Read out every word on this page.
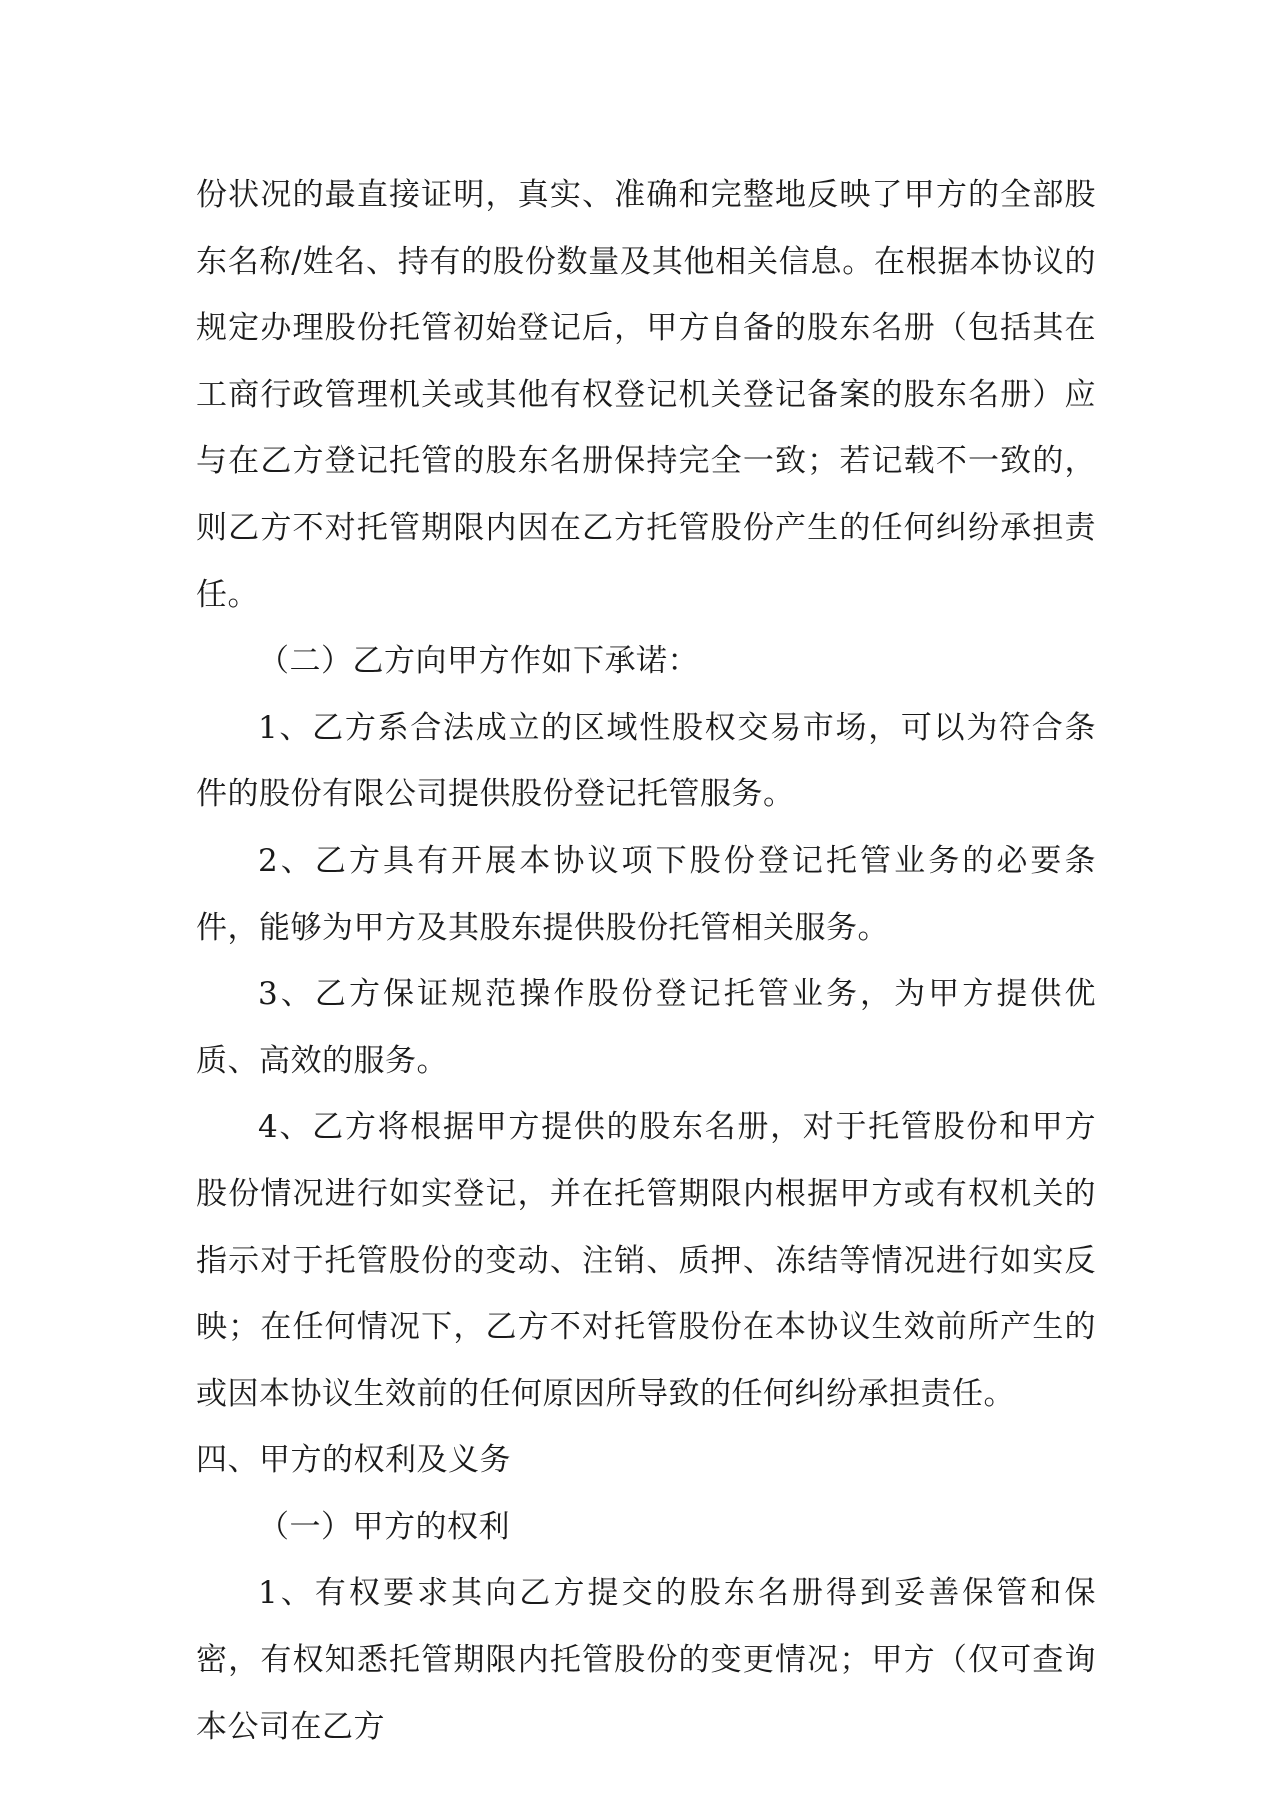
份状况的最直接证明，真实、准确和完整地反映了甲方的全部股东名称/姓名、持有的股份数量及其他相关信息。在根据本协议的规定办理股份托管初始登记后，甲方自备的股东名册（包括其在工商行政管理机关或其他有权登记机关登记备案的股东名册）应与在乙方登记托管的股东名册保持完全一致；若记载不一致的，则乙方不对托管期限内因在乙方托管股份产生的任何纠纷承担责任。

（二）乙方向甲方作如下承诺：

1、乙方系合法成立的区域性股权交易市场，可以为符合条件的股份有限公司提供股份登记托管服务。

2、乙方具有开展本协议项下股份登记托管业务的必要条件，能够为甲方及其股东提供股份托管相关服务。

3、乙方保证规范操作股份登记托管业务，为甲方提供优质、高效的服务。

4、乙方将根据甲方提供的股东名册，对于托管股份和甲方股份情况进行如实登记，并在托管期限内根据甲方或有权机关的指示对于托管股份的变动、注销、质押、冻结等情况进行如实反映；在任何情况下，乙方不对托管股份在本协议生效前所产生的或因本协议生效前的任何原因所导致的任何纠纷承担责任。

四、甲方的权利及义务

（一）甲方的权利

1、有权要求其向乙方提交的股东名册得到妥善保管和保密，有权知悉托管期限内托管股份的变更情况；甲方（仅可查询本公司在乙方
